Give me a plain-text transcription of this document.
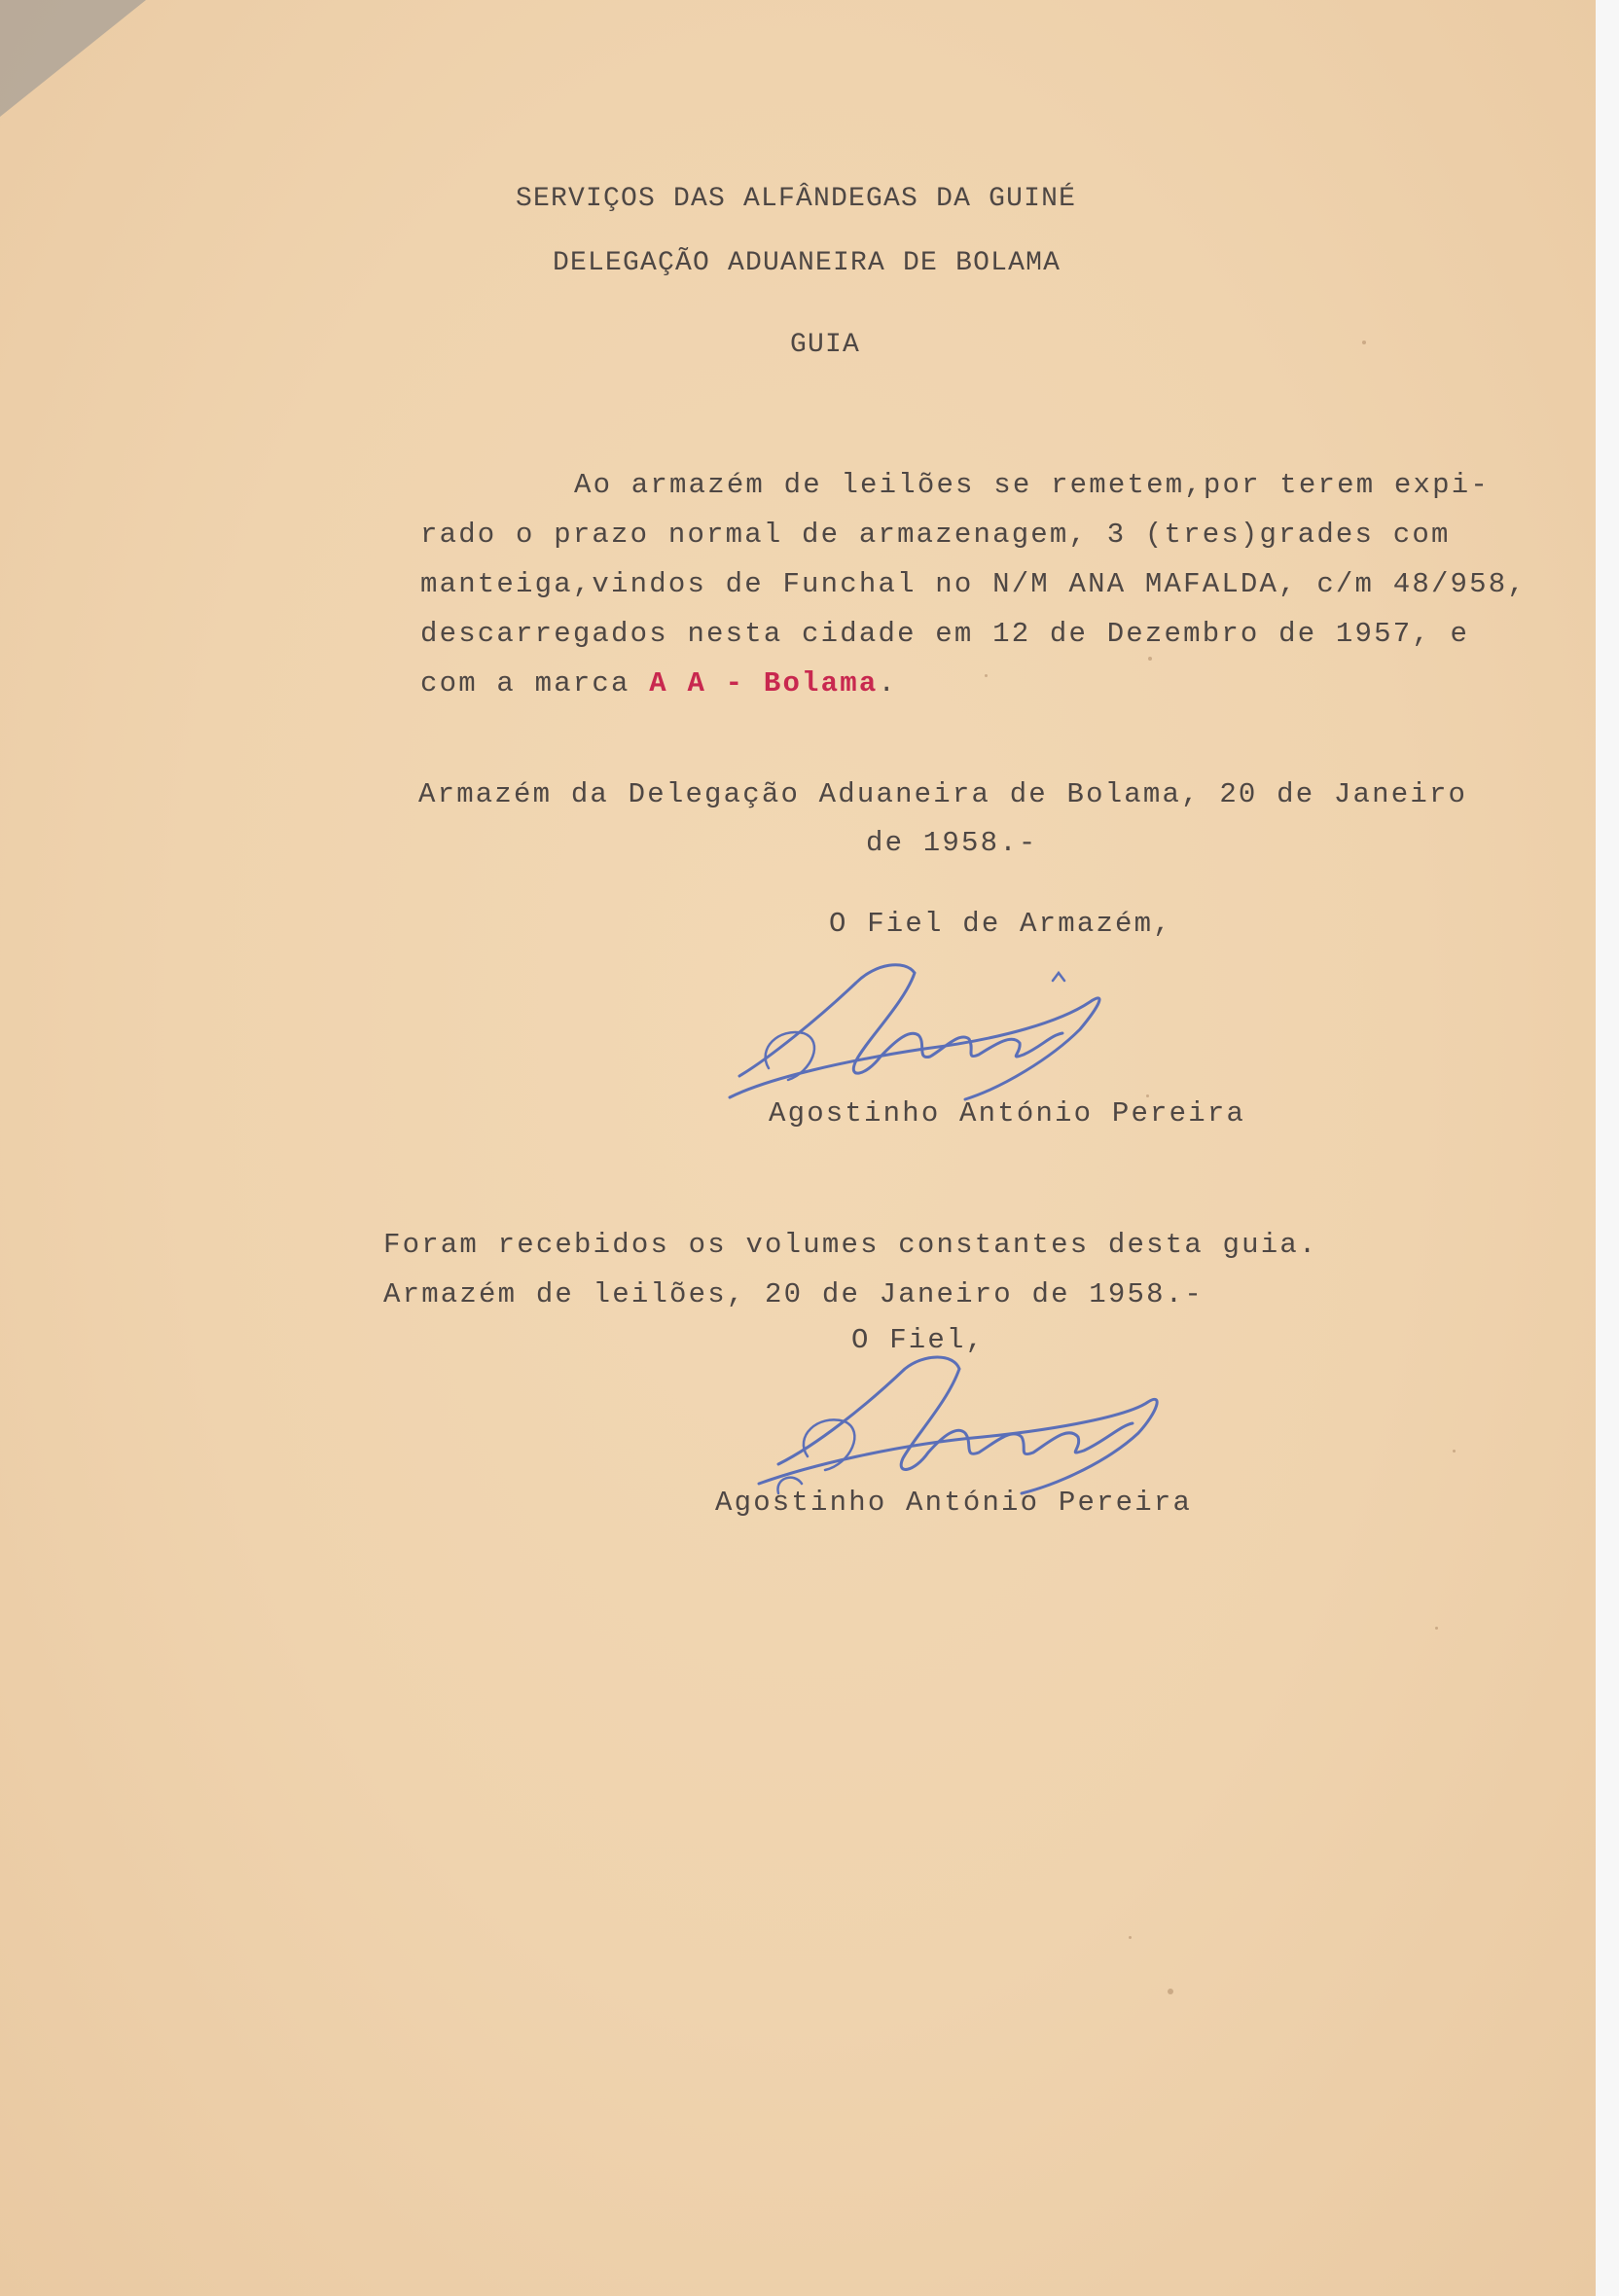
SERVIÇOS DAS ALFÂNDEGAS DA GUINÉ
DELEGAÇÃO ADUANEIRA DE BOLAMA
GUIA
Ao armazém de leilões se remetem,por terem expi-
rado o prazo normal de armazenagem, 3 (tres)grades com
manteiga,vindos de Funchal no N/M ANA MAFALDA, c/m 48/958,
descarregados nesta cidade em 12 de Dezembro de 1957, e
com a marca A A - Bolama.
Armazém da Delegação Aduaneira de Bolama, 20 de Janeiro
de 1958.-
O Fiel de Armazém,
Agostinho António Pereira
Foram recebidos os volumes constantes desta guia.
Armazém de leilões, 20 de Janeiro de 1958.-
O Fiel,
Agostinho António Pereira
